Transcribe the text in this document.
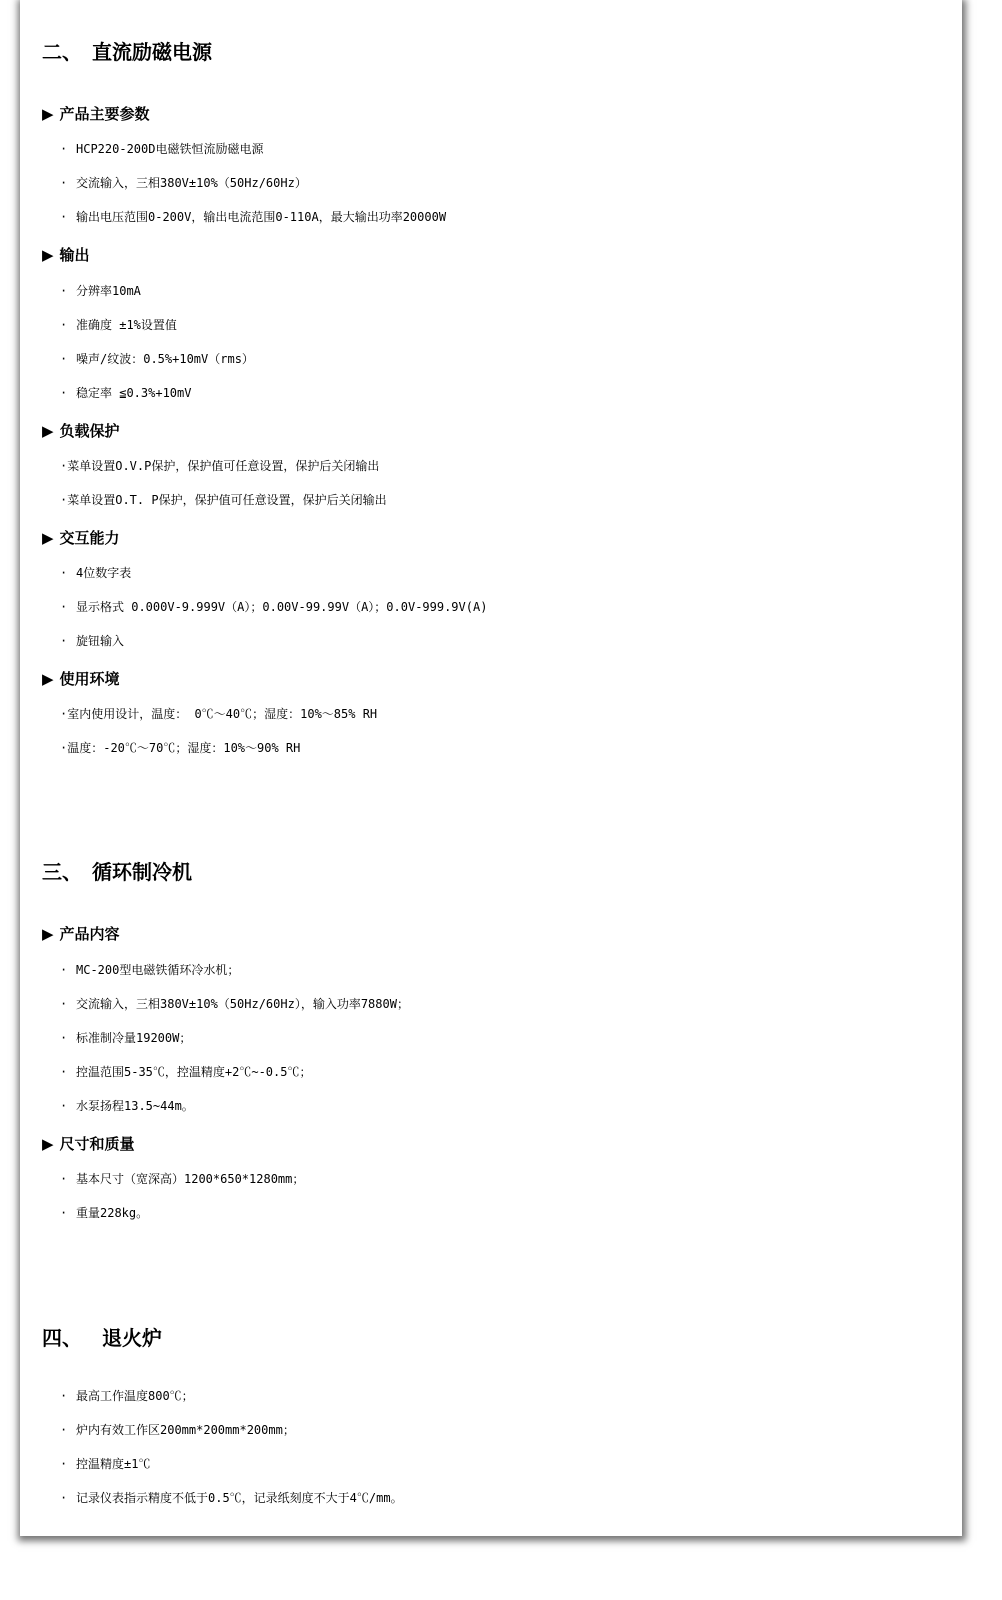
二、 直流励磁电源
▶ 产品主要参数
· HCP220-200D电磁铁恒流励磁电源
· 交流输入，三相380V±10%（50Hz/60Hz）
· 输出电压范围0-200V，输出电流范围0-110A，最大输出功率20000W
▶ 输出
· 分辨率10mA
· 准确度 ±1%设置值
· 噪声/纹波：0.5%+10mV（rms）
· 稳定率 ≦0.3%+10mV
▶ 负载保护
·菜单设置O.V.P保护，保护值可任意设置，保护后关闭输出
·菜单设置O.T. P保护，保护值可任意设置，保护后关闭输出
▶ 交互能力
· 4位数字表
· 显示格式 0.000V-9.999V（A）；0.00V-99.99V（A）；0.0V-999.9V(A)
· 旋钮输入
▶ 使用环境
·室内使用设计，温度： 0℃～40℃；湿度：10%～85% RH
·温度：-20℃～70℃；湿度：10%～90% RH
三、 循环制冷机
▶ 产品内容
· MC-200型电磁铁循环冷水机；
· 交流输入，三相380V±10%（50Hz/60Hz），输入功率7880W；
· 标准制冷量19200W；
· 控温范围5-35℃，控温精度+2℃~-0.5℃；
· 水泵扬程13.5~44m。
▶ 尺寸和质量
· 基本尺寸（宽深高）1200*650*1280mm；
· 重量228kg。
四、 退火炉
· 最高工作温度800℃；
· 炉内有效工作区200mm*200mm*200mm；
· 控温精度±1℃
· 记录仪表指示精度不低于0.5℃，记录纸刻度不大于4℃/mm。
